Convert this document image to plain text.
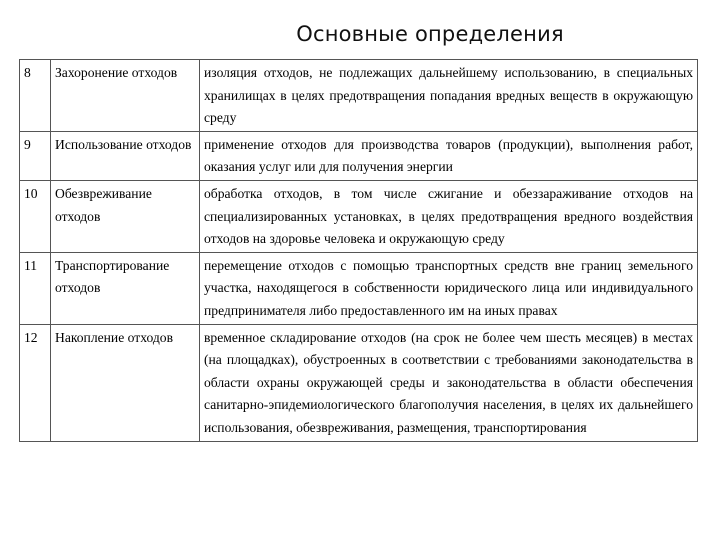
Основные определения
8	Захоронение отходов	изоляция отходов, не подлежащих дальнейшему использованию, в специальных хранилищах в целях предотвращения попадания вредных веществ в окружающую среду
9	Использование отходов	применение отходов для производства товаров (продукции), выполнения работ, оказания услуг или для получения энергии
10	Обезвреживание отходов	обработка отходов, в том числе сжигание и обеззараживание отходов на специализированных установках, в целях предотвращения вредного воздействия отходов на здоровье человека и окружающую среду
11	Транспортирование отходов	перемещение отходов с помощью транспортных средств вне границ земельного участка, находящегося в собственности юридического лица или индивидуального предпринимателя либо предоставленного им на иных правах
12	Накопление отходов	временное складирование отходов (на срок не более чем шесть месяцев) в местах (на площадках), обустроенных в соответствии с требованиями законодательства в области охраны окружающей среды и законодательства в области обеспечения санитарно-эпидемиологического благополучия населения, в целях их дальнейшего использования, обезвреживания, размещения, транспортирования
